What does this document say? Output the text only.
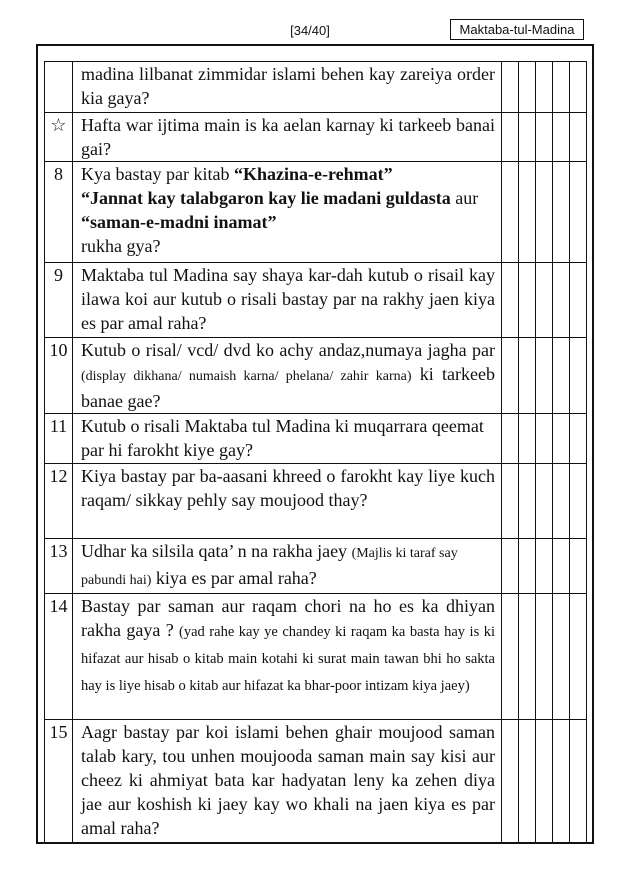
[34/40]	Maktaba-tul-Madina
	madina lilbanat zimmidar islami behen kay zareiya order kia gaya?					
☆	Hafta war ijtima main is ka aelan karnay ki tarkeeb banai gai?					
8	Kya bastay par kitab “Khazina-e-rehmat”
“Jannat kay talabgaron kay lie madani guldasta aur “saman-e-madni inamat”
rukha gya?					
9	Maktaba tul Madina say shaya kar-dah kutub o risail kay ilawa koi aur kutub o risali bastay par na rakhy jaen kiya es par amal raha?					
10	Kutub o risal/ vcd/ dvd ko achy andaz,numaya jagha par (display dikhana/ numaish karna/ phelana/ zahir karna) ki tarkeeb banae gae?					
11	Kutub o risali Maktaba tul Madina ki muqarrara qeemat par hi farokht kiye gay?					
12	Kiya bastay par ba-aasani khreed o farokht kay liye kuch raqam/ sikkay pehly say moujood thay?					
13	Udhar ka silsila qata’ n na rakha jaey (Majlis ki taraf say pabundi hai) kiya es par amal raha?					
14	Bastay par saman aur raqam chori na ho es ka dhiyan rakha gaya ? (yad rahe kay ye chandey ki raqam ka basta hay is ki hifazat aur hisab o kitab main kotahi ki surat main tawan bhi ho sakta hay is liye hisab o kitab aur hifazat ka bhar-poor intizam kiya jaey)					
15	Aagr bastay par koi islami behen ghair moujood saman talab kary, tou unhen moujooda saman main say kisi aur cheez ki ahmiyat bata kar hadyatan leny ka zehen diya jae aur koshish ki jaey kay wo khali na jaen kiya es par amal raha?					
